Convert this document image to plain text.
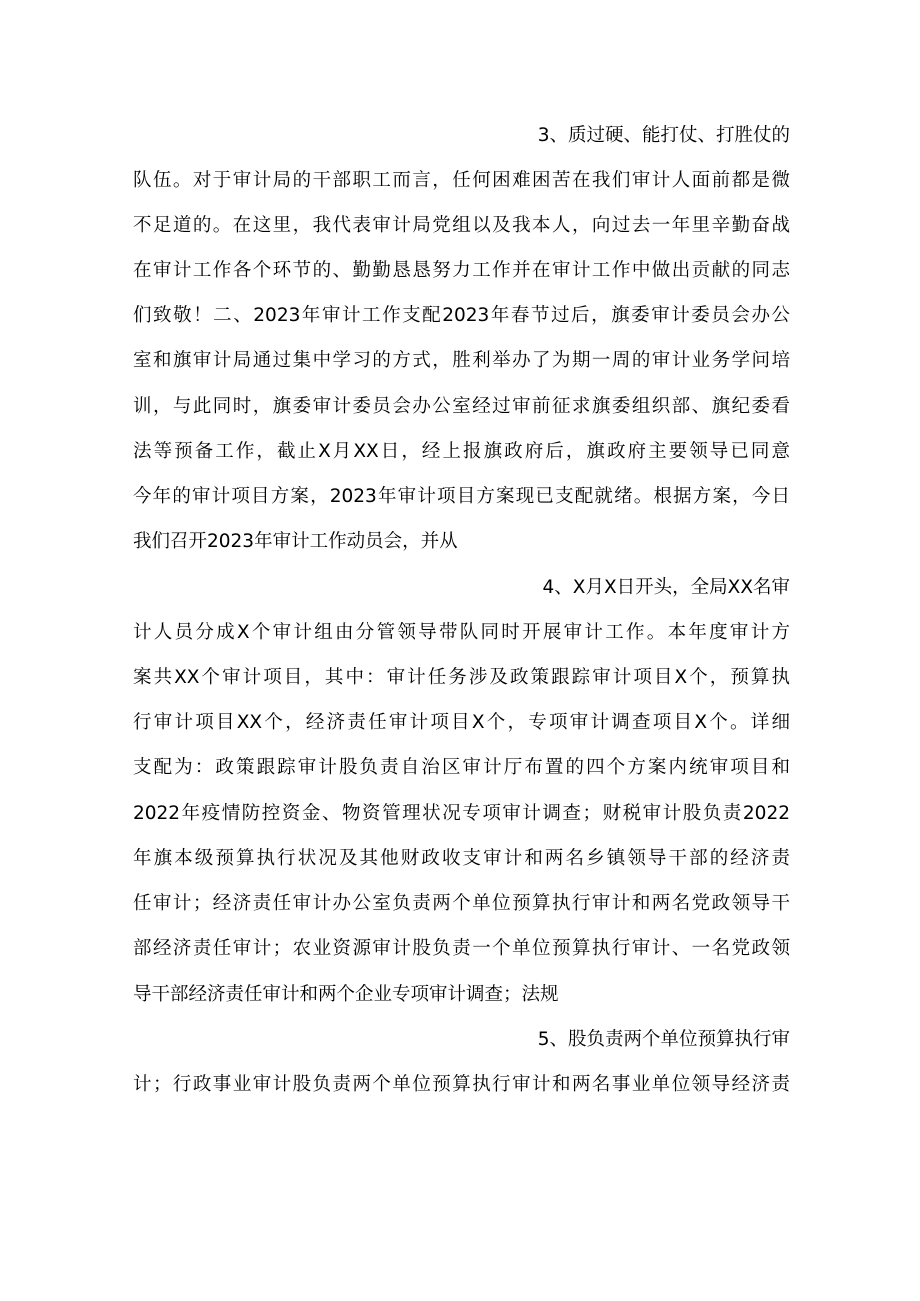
3、质过硬、能打仗、打胜仗的
队伍。对于审计局的干部职工而言，任何困难困苦在我们审计人面前都是微
不足道的。在这里，我代表审计局党组以及我本人，向过去一年里辛勤奋战
在审计工作各个环节的、勤勤恳恳努力工作并在审计工作中做出贡献的同志
们致敬！二、2023年审计工作支配2023年春节过后，旗委审计委员会办公
室和旗审计局通过集中学习的方式，胜利举办了为期一周的审计业务学问培
训，与此同时，旗委审计委员会办公室经过审前征求旗委组织部、旗纪委看
法等预备工作，截止X月XX日，经上报旗政府后，旗政府主要领导已同意
今年的审计项目方案，2023年审计项目方案现已支配就绪。根据方案，今日
我们召开2023年审计工作动员会，并从
4、X月X日开头，全局XX名审
计人员分成X个审计组由分管领导带队同时开展审计工作。本年度审计方
案共XX个审计项目，其中：审计任务涉及政策跟踪审计项目X个，预算执
行审计项目XX个，经济责任审计项目X个，专项审计调查项目X个。详细
支配为：政策跟踪审计股负责自治区审计厅布置的四个方案内统审项目和
2022年疫情防控资金、物资管理状况专项审计调查；财税审计股负责2022
年旗本级预算执行状况及其他财政收支审计和两名乡镇领导干部的经济责
任审计；经济责任审计办公室负责两个单位预算执行审计和两名党政领导干
部经济责任审计；农业资源审计股负责一个单位预算执行审计、一名党政领
导干部经济责任审计和两个企业专项审计调查；法规
5、股负责两个单位预算执行审
计；行政事业审计股负责两个单位预算执行审计和两名事业单位领导经济责
